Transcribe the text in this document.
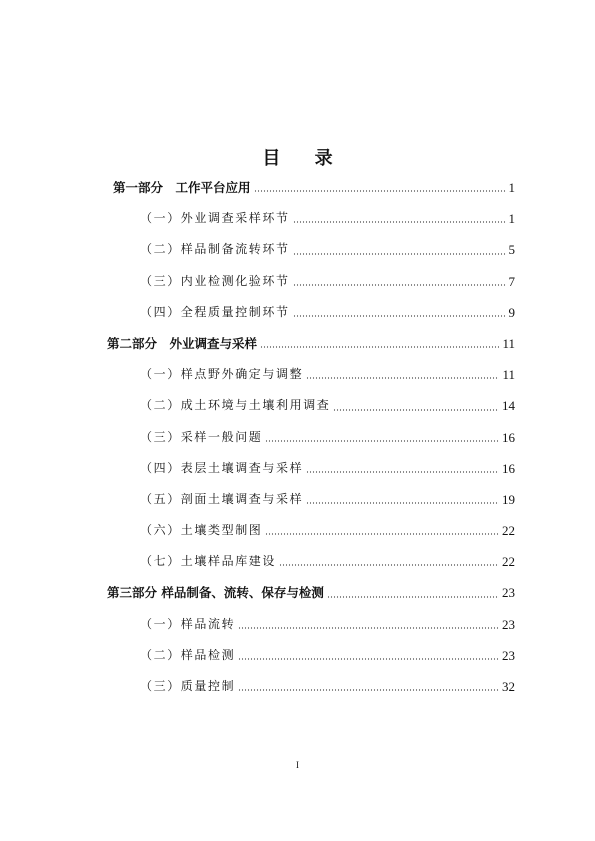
目 录
第一部分　工作平台应用	1
（一）外业调查采样环节	1
（二）样品制备流转环节	5
（三）内业检测化验环节	7
（四）全程质量控制环节	9
第二部分　外业调查与采样	11
（一）样点野外确定与调整	11
（二）成土环境与土壤利用调查	14
（三）采样一般问题	16
（四）表层土壤调查与采样	16
（五）剖面土壤调查与采样	19
（六）土壤类型制图	22
（七）土壤样品库建设	22
第三部分 样品制备、流转、保存与检测	23
（一）样品流转	23
（二）样品检测	23
（三）质量控制	32
I
